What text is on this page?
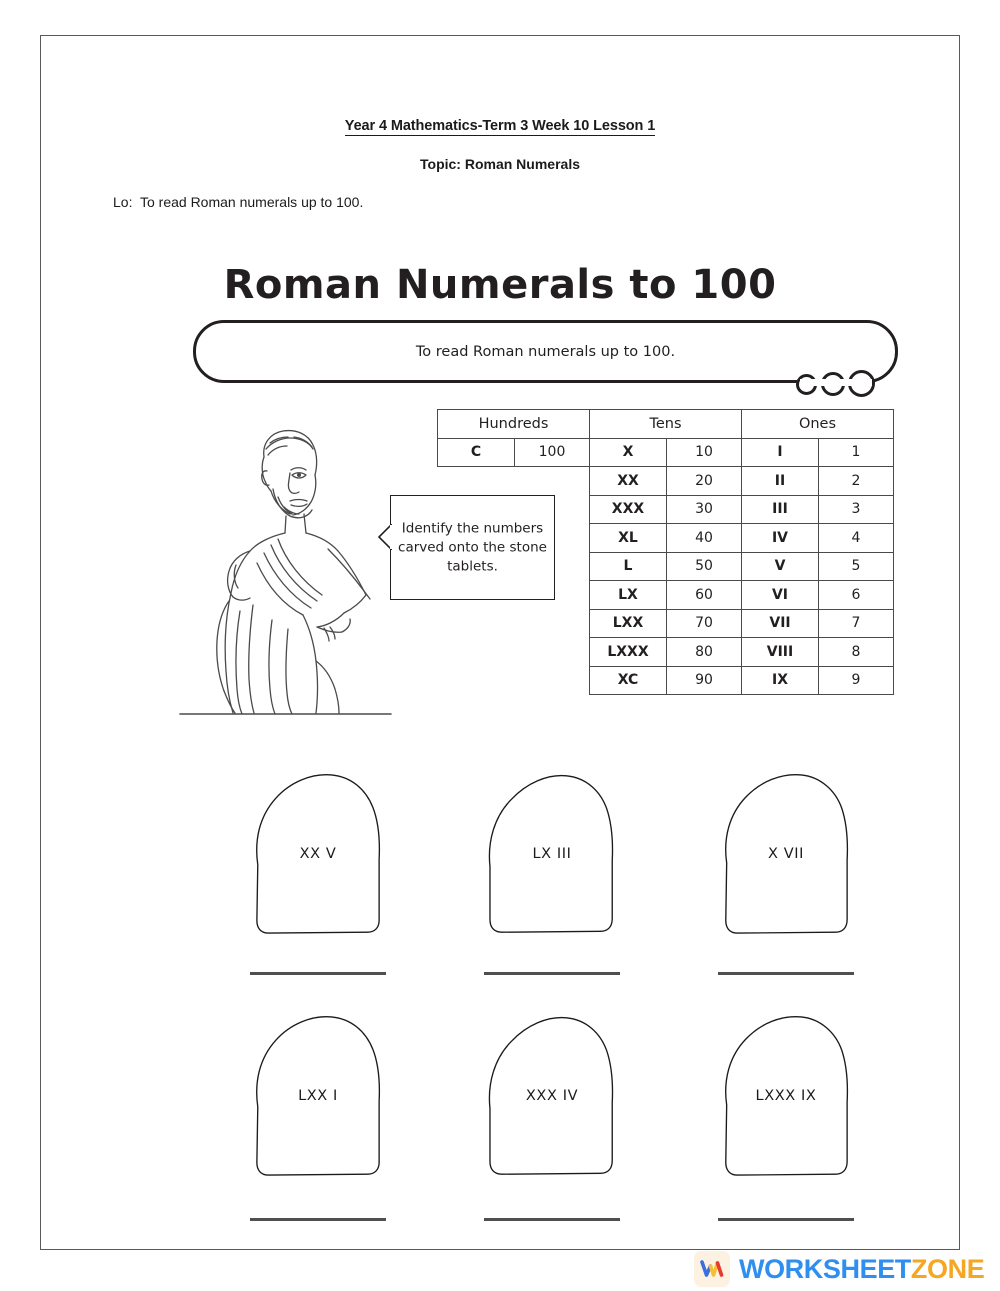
Year 4 Mathematics-Term 3 Week 10 Lesson 1
Topic: Roman Numerals
Lo:  To read Roman numerals up to 100.
Roman Numerals to 100
To read Roman numerals up to 100.
Identify the numbers carved onto the stone tablets.
Hundreds		Tens		Ones	
C	100	X	10	I	1
		XX	20	II	2
		XXX	30	III	3
		XL	40	IV	4
		L	50	V	5
		LX	60	VI	6
		LXX	70	VII	7
		LXXX	80	VIII	8
		XC	90	IX	9
XX V	LX III	X VII
LXX I	XXX IV	LXXX IX
WORKSHEETZONE
